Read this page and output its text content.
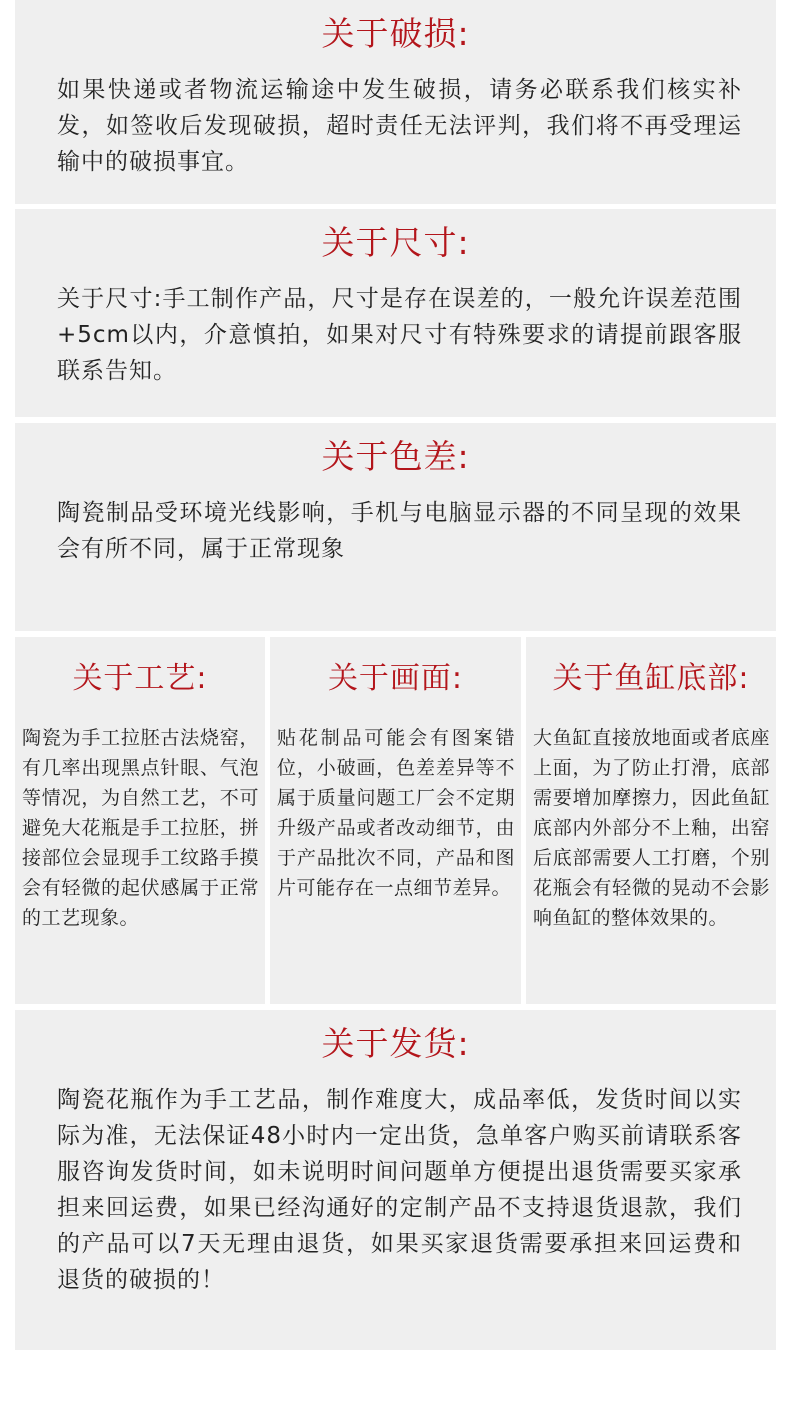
关于破损:
如果快递或者物流运输途中发生破损，请务必联系我们核实补发，如签收后发现破损，超时责任无法评判，我们将不再受理运输中的破损事宜。
关于尺寸:
关于尺寸:手工制作产品，尺寸是存在误差的，一般允许误差范围+5cm以内，介意慎拍，如果对尺寸有特殊要求的请提前跟客服联系告知。
关于色差:
陶瓷制品受环境光线影响，手机与电脑显示器的不同呈现的效果会有所不同，属于正常现象
关于工艺:
陶瓷为手工拉胚古法烧窑，有几率出现黑点针眼、气泡等情况，为自然工艺，不可避免大花瓶是手工拉胚，拼接部位会显现手工纹路手摸会有轻微的起伏感属于正常的工艺现象。
关于画面:
贴花制品可能会有图案错位，小破画，色差差异等不属于质量问题工厂会不定期升级产品或者改动细节，由于产品批次不同，产品和图片可能存在一点细节差异。
关于鱼缸底部:
大鱼缸直接放地面或者底座上面，为了防止打滑，底部需要增加摩擦力，因此鱼缸底部内外部分不上釉，出窑后底部需要人工打磨，个别花瓶会有轻微的晃动不会影响鱼缸的整体效果的。
关于发货:
陶瓷花瓶作为手工艺品，制作难度大，成品率低，发货时间以实际为准，无法保证48小时内一定出货，急单客户购买前请联系客服咨询发货时间，如未说明时间问题单方便提出退货需要买家承担来回运费，如果已经沟通好的定制产品不支持退货退款，我们的产品可以7天无理由退货，如果买家退货需要承担来回运费和退货的破损的！
